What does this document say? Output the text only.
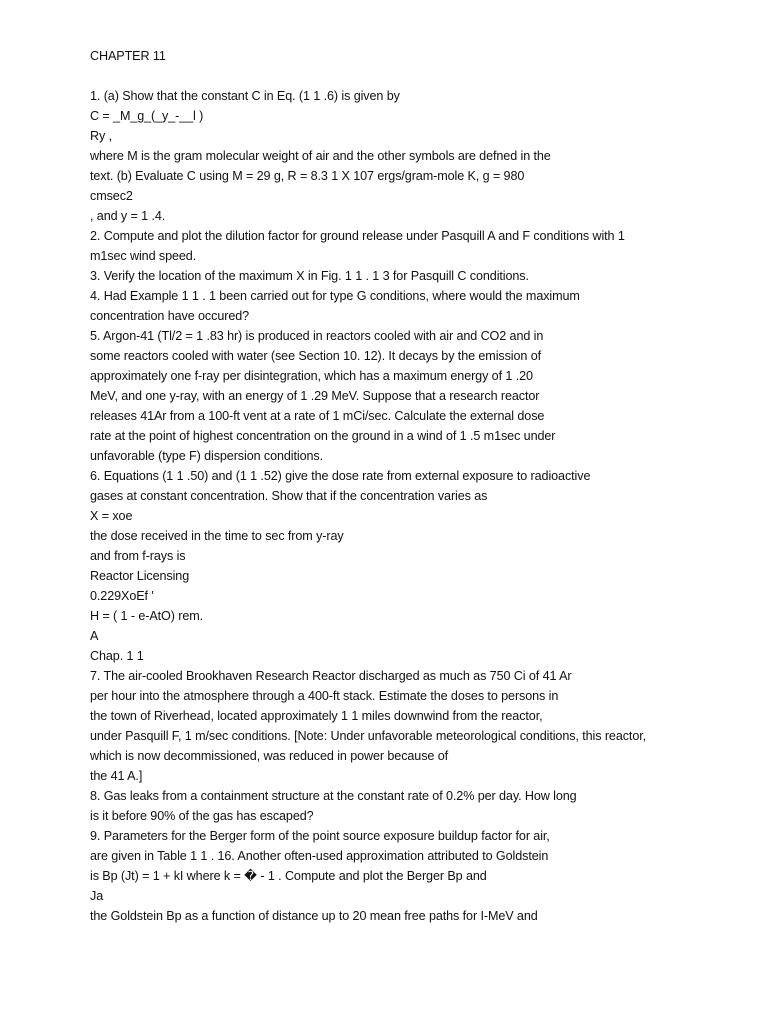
CHAPTER 11
1. (a) Show that the constant C in Eq. (1 1 .6) is given by
C = _M_g_(_y_-__l )
Ry ,
where M is the gram molecular weight of air and the other symbols are defned in the
text. (b) Evaluate C using M = 29 g, R = 8.3 1 X 107 ergs/gram-mole K, g = 980
cmsec2
, and y = 1 .4.
2. Compute and plot the dilution factor for ground release under Pasquill A and F conditions with 1
m1sec wind speed.
3. Verify the location of the maximum X in Fig. 1 1 . 1 3 for Pasquill C conditions.
4. Had Example 1 1 . 1 been carried out for type G conditions, where would the maximum
concentration have occured?
5. Argon-41 (Tl/2 = 1 .83 hr) is produced in reactors cooled with air and CO2 and in
some reactors cooled with water (see Section 10. 12). It decays by the emission of
approximately one f-ray per disintegration, which has a maximum energy of 1 .20
MeV, and one y-ray, with an energy of 1 .29 MeV. Suppose that a research reactor
releases 41Ar from a 100-ft vent at a rate of 1 mCi/sec. Calculate the external dose
rate at the point of highest concentration on the ground in a wind of 1 .5 m1sec under
unfavorable (type F) dispersion conditions.
6. Equations (1 1 .50) and (1 1 .52) give the dose rate from external exposure to radioactive
gases at constant concentration. Show that if the concentration varies as
X = xoe
the dose received in the time to sec from y-ray
and from f-rays is
Reactor Licensing
0.229XoEf '
H = ( 1 - e-AtO) rem.
A
Chap. 1 1
7. The air-cooled Brookhaven Research Reactor discharged as much as 750 Ci of 41 Ar
per hour into the atmosphere through a 400-ft stack. Estimate the doses to persons in
the town of Riverhead, located approximately 1 1 miles downwind from the reactor,
under Pasquill F, 1 m/sec conditions. [Note: Under unfavorable meteorological conditions, this reactor,
which is now decommissioned, was reduced in power because of
the 41 A.]
8. Gas leaks from a containment structure at the constant rate of 0.2% per day. How long
is it before 90% of the gas has escaped?
9. Parameters for the Berger form of the point source exposure buildup factor for air,
are given in Table 1 1 . 16. Another often-used approximation attributed to Goldstein
is Bp (Jt) = 1 + kI where k = � - 1 . Compute and plot the Berger Bp and
Ja
the Goldstein Bp as a function of distance up to 20 mean free paths for I-MeV and
